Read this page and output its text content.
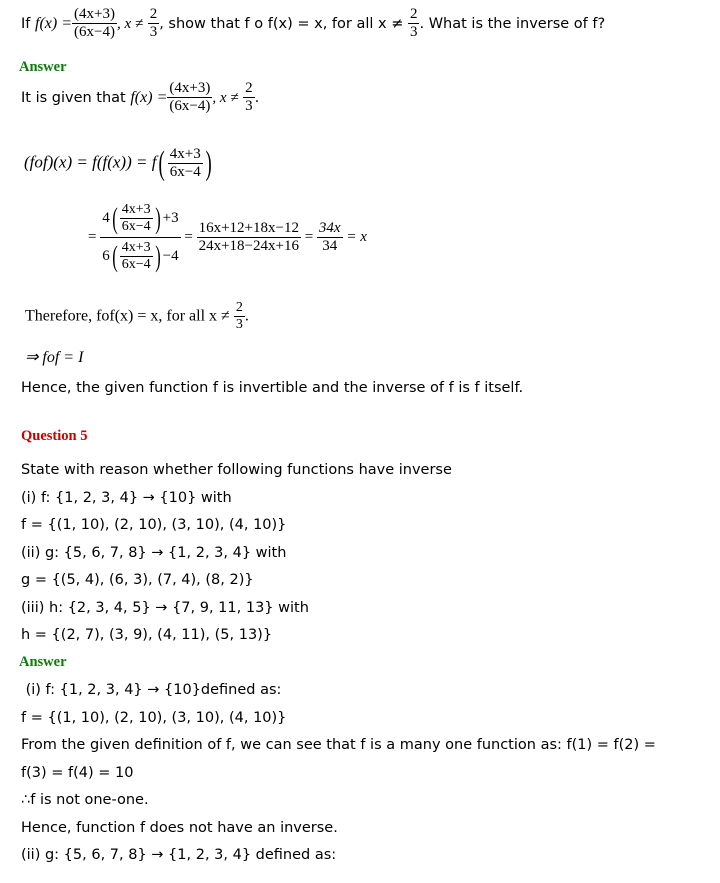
If $f(x) = \frac{(4x+3)}{(6x-4)}$ , $x \ne \frac{2}{3}$ , show that f o f(x) = x, for all $x \ne \frac{2}{3}$ . What is the inverse of f?
Answer
It is given that $f(x) = \frac{(4x+3)}{(6x-4)}$ , $x \ne \frac{2}{3}$ .
$(fof)(x) = f(f(x)) = f( \frac{4x+3}{6x-4}$ )
= $\frac{4( \frac{4x+3}{6x-4} ) +3}{6( \frac{4x+3}{6x-4} ) -4} = \frac{16x+12+18x-12}{24x+18-24x+16} = \frac{34x}{34} = x$
Therefore, fof(x) = x, for all $x \ne \frac{2}{3}$ .
⇒ fof = I
Hence, the given function f is invertible and the inverse of f is f itself.
Question 5
State with reason whether following functions have inverse
(i) f: {1, 2, 3, 4} → {10} with
f = {(1, 10), (2, 10), (3, 10), (4, 10)}
(ii) g: {5, 6, 7, 8} → {1, 2, 3, 4} with
g = {(5, 4), (6, 3), (7, 4), (8, 2)}
(iii) h: {2, 3, 4, 5} → {7, 9, 11, 13} with
h = {(2, 7), (3, 9), (4, 11), (5, 13)}
Answer
(i) f: {1, 2, 3, 4} → {10}defined as:
f = {(1, 10), (2, 10), (3, 10), (4, 10)}
From the given definition of f, we can see that f is a many one function as: f(1) = f(2) =
f(3) = f(4) = 10
∴f is not one-one.
Hence, function f does not have an inverse.
(ii) g: {5, 6, 7, 8} → {1, 2, 3, 4} defined as:
